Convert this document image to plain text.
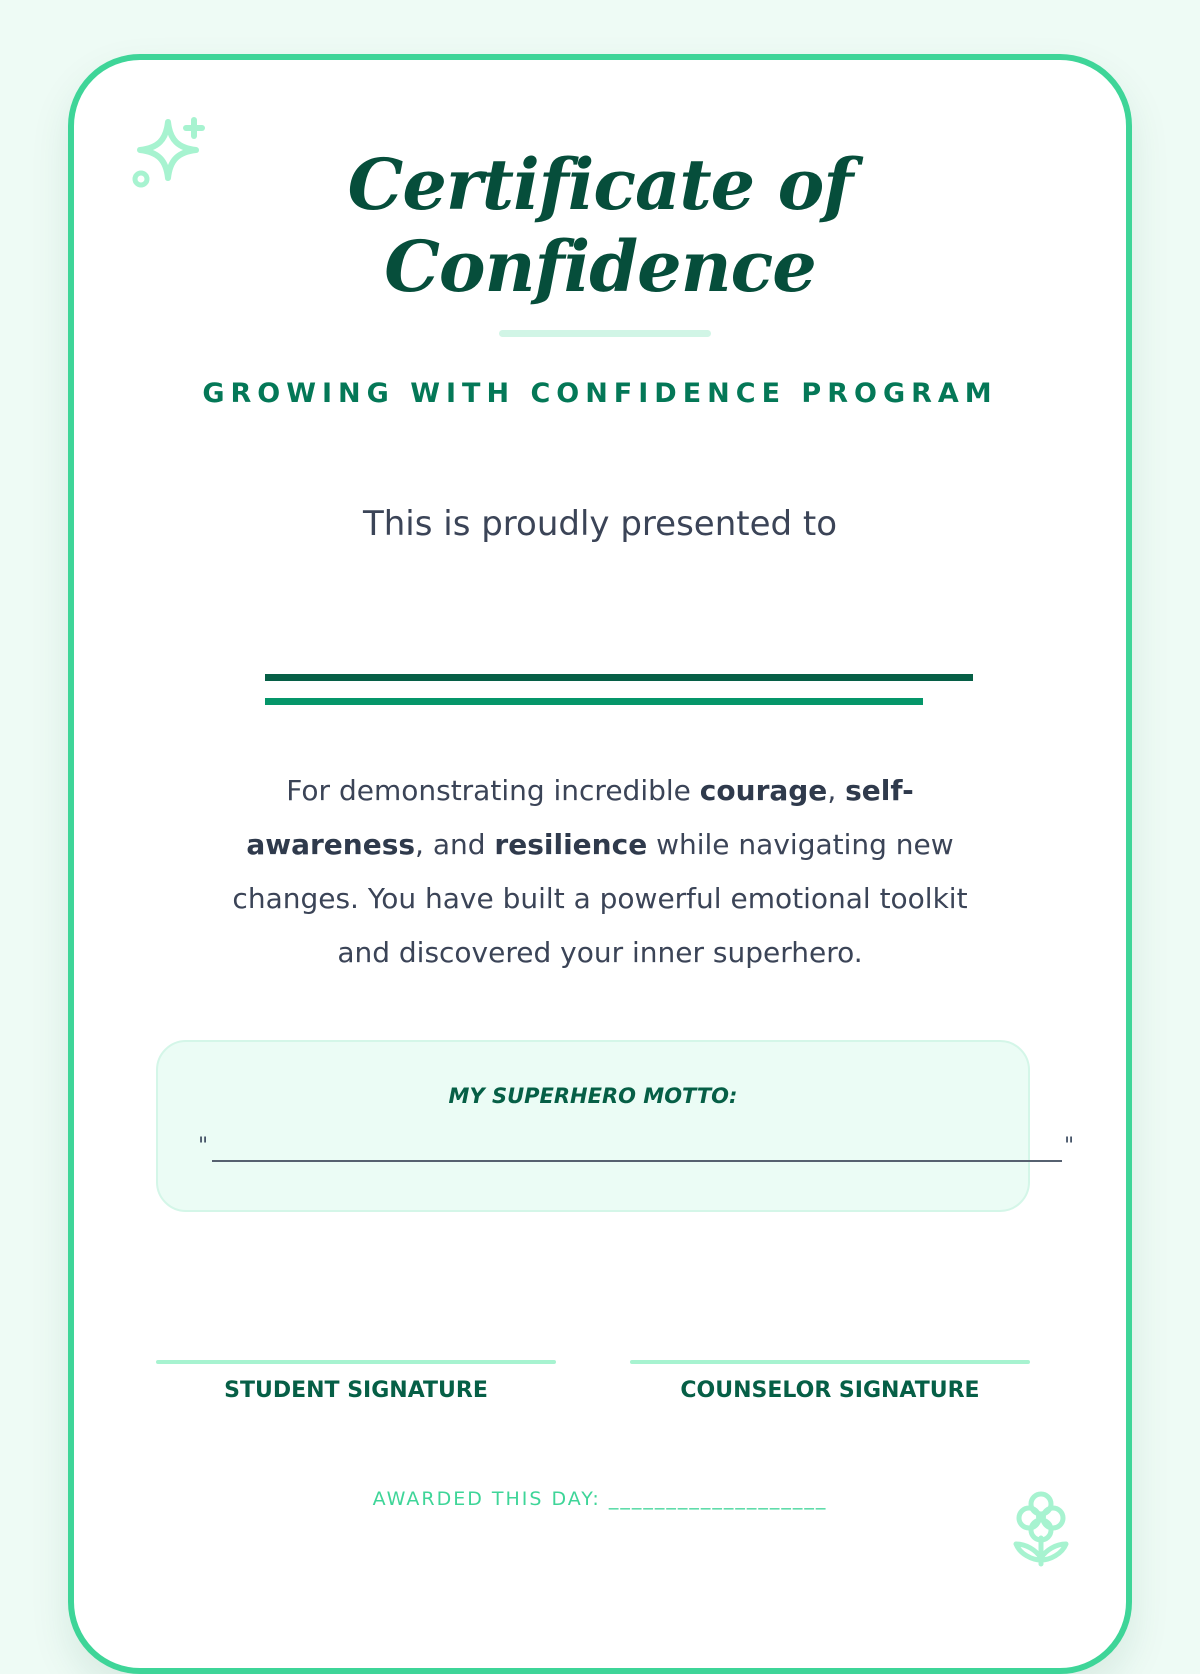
Certificate of
Confidence
GROWING WITH CONFIDENCE PROGRAM
This is proudly presented to
For demonstrating incredible courage, self-awareness, and resilience while navigating new changes. You have built a powerful emotional toolkit and discovered your inner superhero.
MY SUPERHERO MOTTO:
"	"
STUDENT SIGNATURE	COUNSELOR SIGNATURE
AWARDED THIS DAY: ___________________
